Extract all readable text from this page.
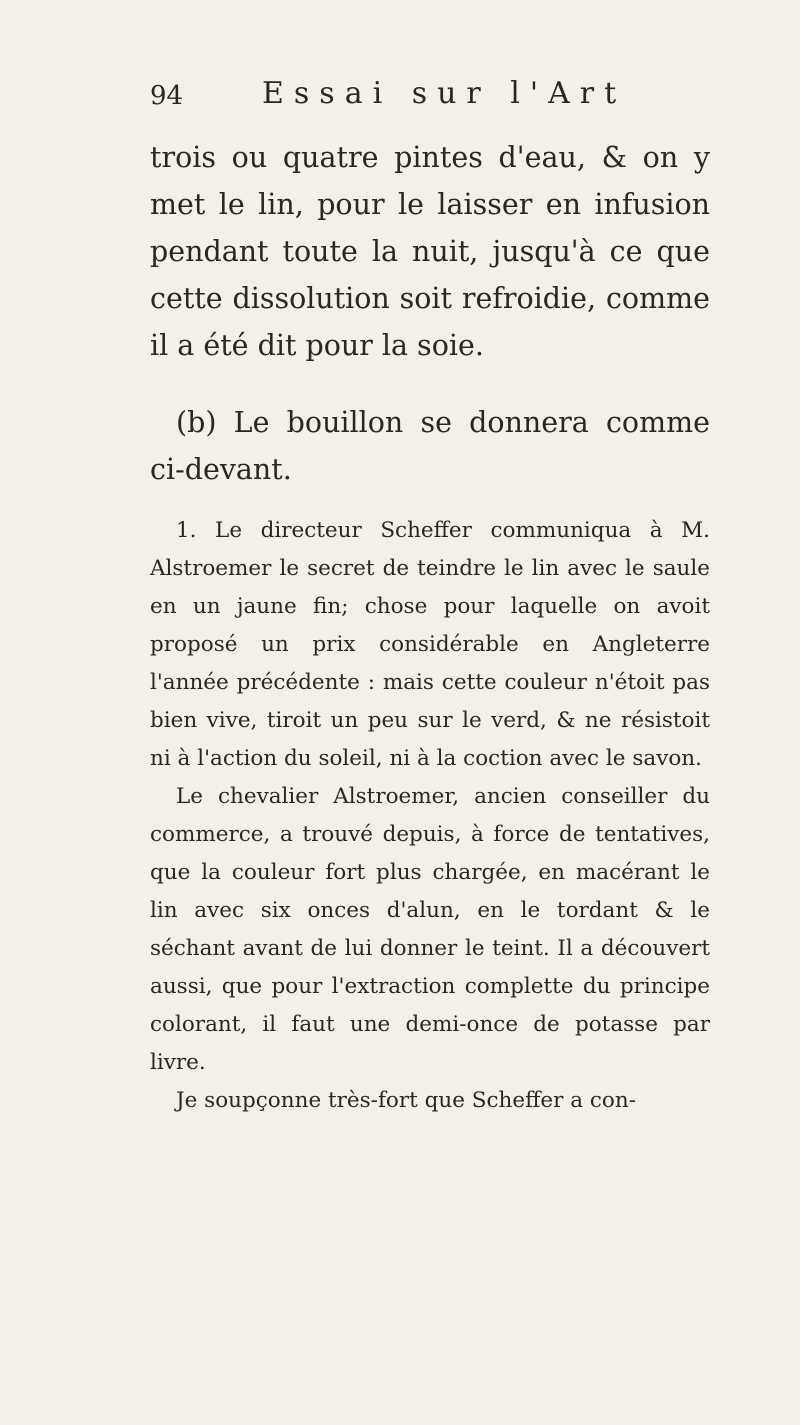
94	Essai sur l'Art

trois ou quatre pintes d'eau, & on y met le lin, pour le laisser en infusion pendant toute la nuit, jusqu'à ce que cette dissolution soit refroidie, comme il a été dit pour la soie.

(b) Le bouillon se donnera comme ci-devant.

1. Le directeur Scheffer communiqua à M. Alstroemer le secret de teindre le lin avec le saule en un jaune fin; chose pour laquelle on avoit proposé un prix considérable en Angleterre l'année précédente : mais cette couleur n'étoit pas bien vive, tiroit un peu sur le verd, & ne résistoit ni à l'action du soleil, ni à la coction avec le savon.

Le chevalier Alstroemer, ancien conseiller du commerce, a trouvé depuis, à force de tentatives, que la couleur fort plus chargée, en macérant le lin avec six onces d'alun, en le tordant & le séchant avant de lui donner le teint. Il a découvert aussi, que pour l'extraction complette du principe colorant, il faut une demi-once de potasse par livre.

Je soupçonne très-fort que Scheffer a con-
